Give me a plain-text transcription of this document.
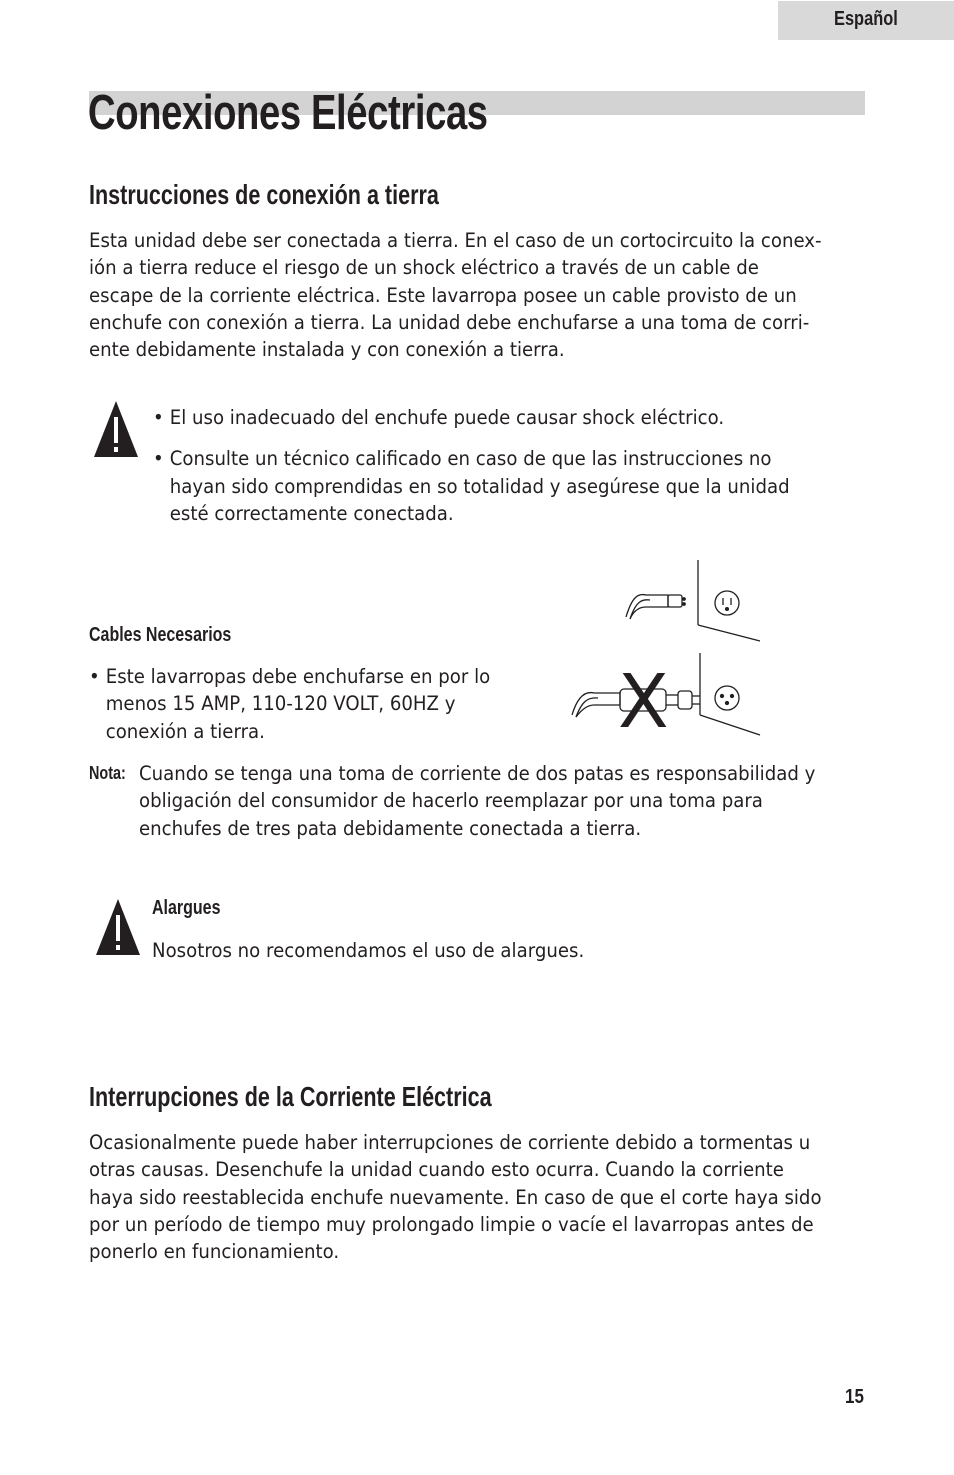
Español
Conexiones Eléctricas
Instrucciones de conexión a tierra
Esta unidad debe ser conectada a tierra. En el caso de un cortocircuito la conex-
ión a tierra reduce el riesgo de un shock eléctrico a través de un cable de
escape de la corriente eléctrica. Este lavarropa posee un cable provisto de un
enchufe con conexión a tierra. La unidad debe enchufarse a una toma de corri-
ente debidamente instalada y con conexión a tierra.
• El uso inadecuado del enchufe puede causar shock eléctrico.
• Consulte un técnico calificado en caso de que las instrucciones no
hayan sido comprendidas en so totalidad y asegúrese que la unidad
esté correctamente conectada.
Cables Necesarios
• Este lavarropas debe enchufarse en por lo
menos 15 AMP, 110-120 VOLT, 60HZ y
conexión a tierra.	X
Nota: Cuando se tenga una toma de corriente de dos patas es responsabilidad y
obligación del consumidor de hacerlo reemplazar por una toma para
enchufes de tres pata debidamente conectada a tierra.
Alargues
Nosotros no recomendamos el uso de alargues.
Interrupciones de la Corriente Eléctrica
Ocasionalmente puede haber interrupciones de corriente debido a tormentas u
otras causas. Desenchufe la unidad cuando esto ocurra. Cuando la corriente
haya sido reestablecida enchufe nuevamente. En caso de que el corte haya sido
por un período de tiempo muy prolongado limpie o vacíe el lavarropas antes de
ponerlo en funcionamiento.
15
